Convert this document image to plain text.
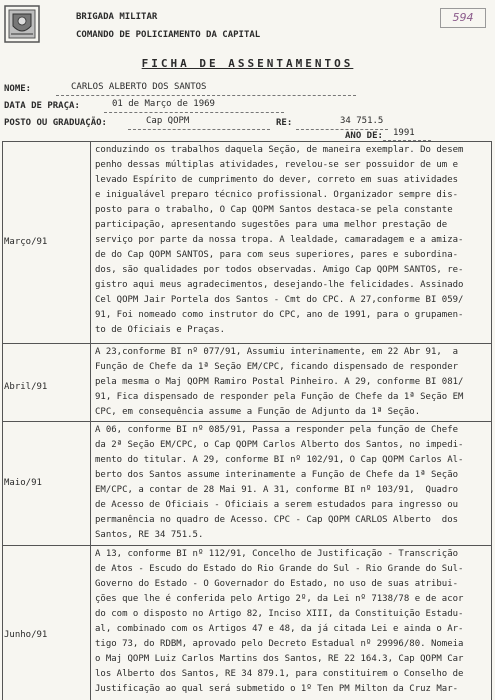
BRIGADA MILITAR
COMANDO DE POLICIAMENTO DA CAPITAL
594
FICHA DE ASSENTAMENTOS
NOME:	CARLOS ALBERTO DOS SANTOS
DATA DE PRAÇA:	01 de Março de 1969
POSTO OU GRADUAÇÃO:	Cap QOPM	RE:	34 751.5
ANO DE: 1991
Março/91
conduzindo os trabalhos daquela Seção, de maneira exemplar. Do desem
penho dessas múltiplas atividades, revelou-se ser possuidor de um e
levado Espírito de cumprimento do dever, correto em suas atividades
e inigualável preparo técnico profissional. Organizador sempre dis-
posto para o trabalho, O Cap QOPM Santos destaca-se pela constante
participação, apresentando sugestões para uma melhor prestação de
serviço por parte da nossa tropa. A lealdade, camaradagem e a amiza-
de do Cap QOPM SANTOS, para com seus superiores, pares e subordina-
dos, são qualidades por todos observadas. Amigo Cap QOPM SANTOS, re-
gistro aqui meus agradecimentos, desejando-lhe felicidades. Assinado
Cel QOPM Jair Portela dos Santos - Cmt do CPC. A 27,conforme BI 059/
91, Foi nomeado como instrutor do CPC, ano de 1991, para o grupamen-
to de Oficiais e Praças.
Abril/91
A 23,conforme BI nº 077/91, Assumiu interinamente, em 22 Abr 91,  a
Função de Chefe da 1ª Seção EM/CPC, ficando dispensado de responder
pela mesma o Maj QOPM Ramiro Postal Pinheiro. A 29, conforme BI 081/
91, Fica dispensado de responder pela Função de Chefe da 1ª Seção EM
CPC, em consequência assume a Função de Adjunto da 1ª Seção.
Maio/91
A 06, conforme BI nº 085/91, Passa a responder pela função de Chefe
da 2ª Seção EM/CPC, o Cap QOPM Carlos Alberto dos Santos, no impedi-
mento do titular. A 29, conforme BI nº 102/91, O Cap QOPM Carlos Al-
berto dos Santos assume interinamente a Função de Chefe da 1ª Seção
EM/CPC, a contar de 28 Mai 91. A 31, conforme BI nº 103/91,  Quadro
de Acesso de Oficiais - Oficiais a serem estudados para ingresso ou
permanência no quadro de Acesso. CPC - Cap QOPM CARLOS Alberto  dos
Santos, RE 34 751.5.
Junho/91
A 13, conforme BI nº 112/91, Concelho de Justificação - Transcrição
de Atos - Escudo do Estado do Rio Grande do Sul - Rio Grande do Sul-
Governo do Estado - O Governador do Estado, no uso de suas atribui-
ções que lhe é conferida pelo Artigo 2º, da Lei nº 7138/78 e de acor
do com o disposto no Artigo 82, Inciso XIII, da Constituição Estadu-
al, combinado com os Artigos 47 e 48, da já citada Lei e ainda o Ar-
tigo 73, do RDBM, aprovado pelo Decreto Estadual nº 29996/80. Nomeia
o Maj QOPM Luiz Carlos Martins dos Santos, RE 22 164.3, Cap QOPM Car
los Alberto dos Santos, RE 34 879.1, para constituirem o Conselho de
Justificação ao qual será submetido o 1º Ten PM Milton da Cruz Mar-
